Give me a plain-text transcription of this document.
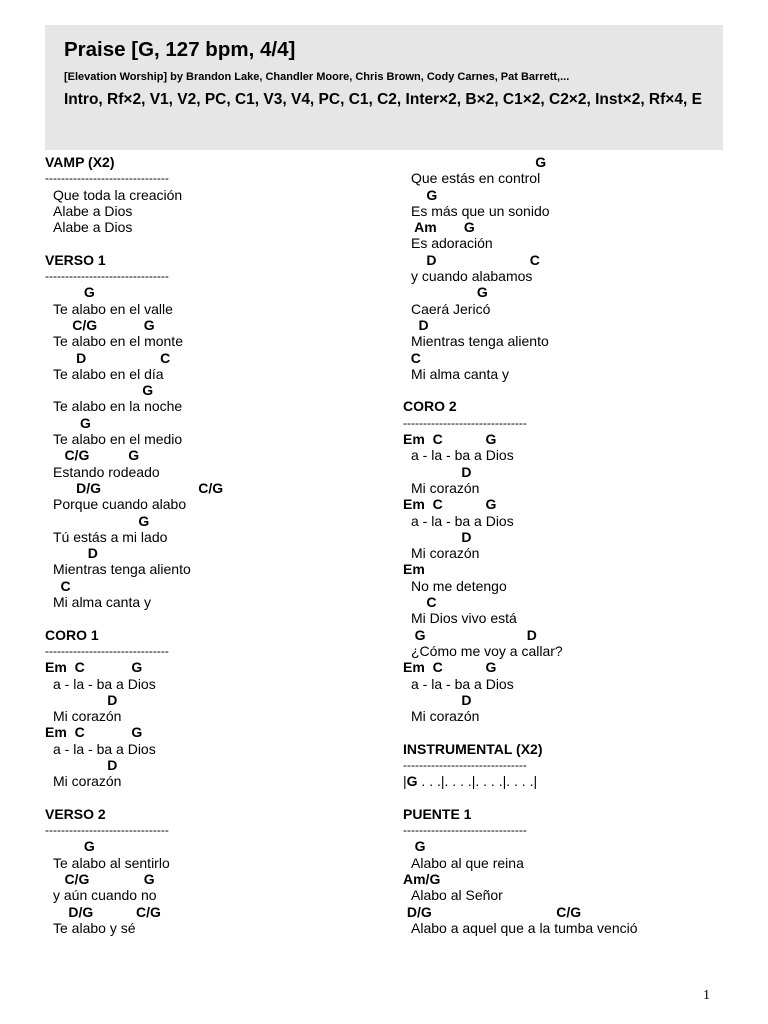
Praise [G, 127 bpm, 4/4]
[Elevation Worship] by Brandon Lake, Chandler Moore, Chris Brown, Cody Carnes, Pat Barrett,...
Intro, Rf×2, V1, V2, PC, C1, V3, V4, PC, C1, C2, Inter×2, B×2, C1×2, C2×2, Inst×2, Rf×4, E
VAMP (X2)
-------------------------------
Que toda la creación
Alabe a Dios
Alabe a Dios
VERSO 1
-------------------------------
G
Te alabo en el valle
C/G            G
Te alabo en el monte
D                   C
Te alabo en el día
G
Te alabo en la noche
G
Te alabo en el medio
C/G          G
Estando rodeado
D/G                         C/G
Porque cuando alabo
G
Tú estás a mi lado
D
Mientras tenga aliento
C
Mi alma canta y
CORO 1
-------------------------------
Em  C            G
a - la - ba a Dios
D
Mi corazón
Em  C            G
a - la - ba a Dios
D
Mi corazón
VERSO 2
-------------------------------
G
Te alabo al sentirlo
C/G              G
y aún cuando no
D/G           C/G
Te alabo y sé
G
Que estás en control
G
Es más que un sonido
Am       G
Es adoración
D                        C
y cuando alabamos
G
Caerá Jericó
D
Mientras tenga aliento
C
Mi alma canta y
CORO 2
-------------------------------
Em  C           G
a - la - ba a Dios
D
Mi corazón
Em  C           G
a - la - ba a Dios
D
Mi corazón
Em
No me detengo
C
Mi Dios vivo está
G                          D
¿Cómo me voy a callar?
Em  C           G
a - la - ba a Dios
D
Mi corazón
INSTRUMENTAL (X2)
-------------------------------
|G . . .|. . . .|. . . .|. . . .|
PUENTE 1
-------------------------------
G
Alabo al que reina
Am/G
Alabo al Señor
D/G                                C/G
Alabo a aquel que a la tumba venció
1
